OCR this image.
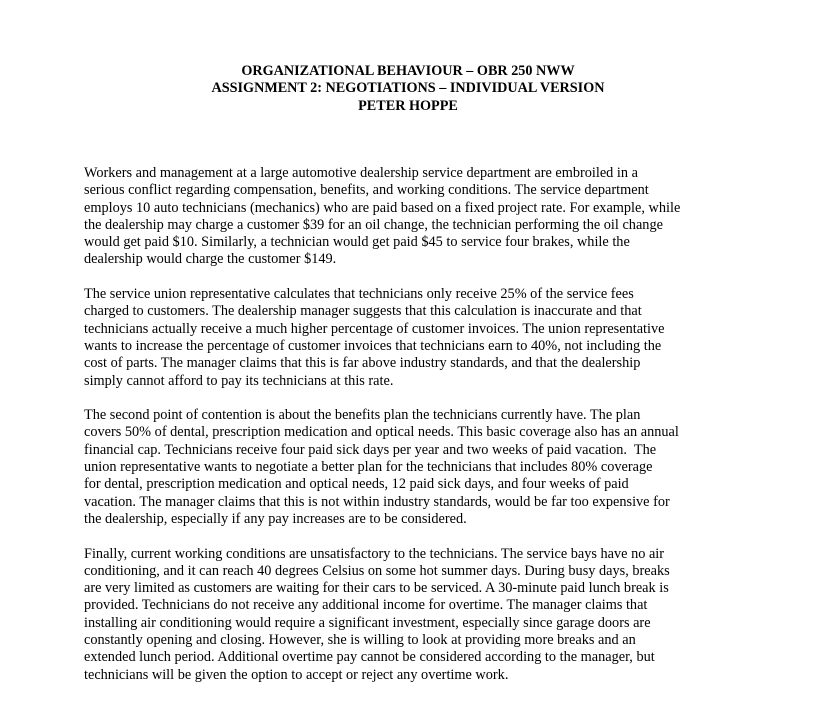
ORGANIZATIONAL BEHAVIOUR – OBR 250 NWW
ASSIGNMENT 2: NEGOTIATIONS – INDIVIDUAL VERSION
PETER HOPPE

Workers and management at a large automotive dealership service department are embroiled in a
serious conflict regarding compensation, benefits, and working conditions. The service department
employs 10 auto technicians (mechanics) who are paid based on a fixed project rate. For example, while
the dealership may charge a customer $39 for an oil change, the technician performing the oil change
would get paid $10. Similarly, a technician would get paid $45 to service four brakes, while the
dealership would charge the customer $149.

The service union representative calculates that technicians only receive 25% of the service fees
charged to customers. The dealership manager suggests that this calculation is inaccurate and that
technicians actually receive a much higher percentage of customer invoices. The union representative
wants to increase the percentage of customer invoices that technicians earn to 40%, not including the
cost of parts. The manager claims that this is far above industry standards, and that the dealership
simply cannot afford to pay its technicians at this rate.

The second point of contention is about the benefits plan the technicians currently have. The plan
covers 50% of dental, prescription medication and optical needs. This basic coverage also has an annual
financial cap. Technicians receive four paid sick days per year and two weeks of paid vacation.  The
union representative wants to negotiate a better plan for the technicians that includes 80% coverage
for dental, prescription medication and optical needs, 12 paid sick days, and four weeks of paid
vacation. The manager claims that this is not within industry standards, would be far too expensive for
the dealership, especially if any pay increases are to be considered.

Finally, current working conditions are unsatisfactory to the technicians. The service bays have no air
conditioning, and it can reach 40 degrees Celsius on some hot summer days. During busy days, breaks
are very limited as customers are waiting for their cars to be serviced. A 30-minute paid lunch break is
provided. Technicians do not receive any additional income for overtime. The manager claims that
installing air conditioning would require a significant investment, especially since garage doors are
constantly opening and closing. However, she is willing to look at providing more breaks and an
extended lunch period. Additional overtime pay cannot be considered according to the manager, but
technicians will be given the option to accept or reject any overtime work.
